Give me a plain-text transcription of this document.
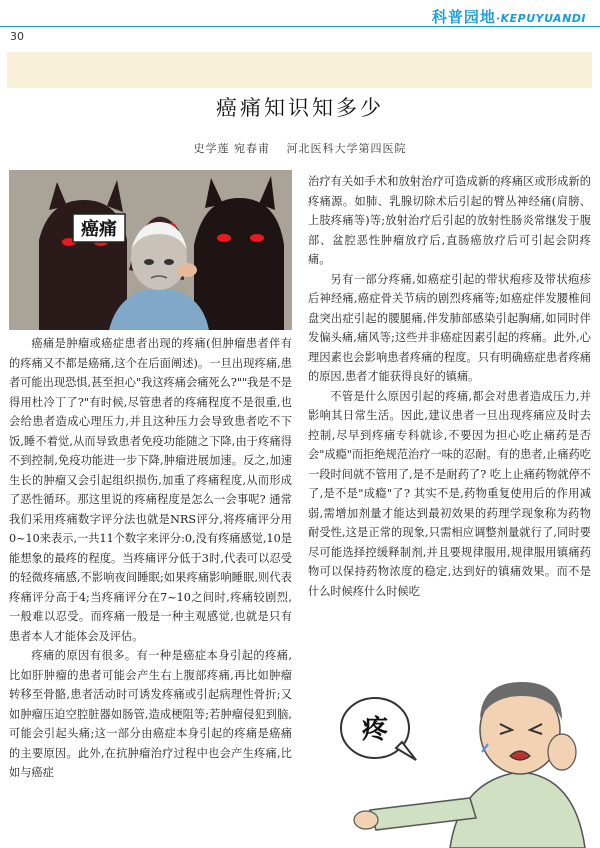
科普园地·KEPUYUANDI
30
癌痛知识知多少
史学莲 宛春甫 河北医科大学第四医院
癌痛

癌痛是肿瘤或癌症患者出现的疼痛(但肿瘤患者伴有的疼痛又不都是癌痛,这个在后面阐述)。一旦出现疼痛,患者可能出现恐惧,甚至担心"我这疼痛会痛死么?""我是不是得用杜冷丁了?"有时候,尽管患者的疼痛程度不是很重,也会给患者造成心理压力,并且这种压力会导致患者吃不下饭,睡不着觉,从而导致患者免疫功能随之下降,由于疼痛得不到控制,免疫功能进一步下降,肿瘤进展加速。反之,加速生长的肿瘤又会引起组织损伤,加重了疼痛程度,从而形成了恶性循环。那这里说的疼痛程度是怎么一会事呢? 通常我们采用疼痛数字评分法也就是NRS评分,将疼痛评分用0~10来表示,一共11个数字来评分:0,没有疼痛感觉,10是能想象的最疼的程度。当疼痛评分低于3时,代表可以忍受的轻微疼痛感,不影响夜间睡眠;如果疼痛影响睡眠,则代表疼痛评分高于4;当疼痛评分在7~10之间时,疼痛较剧烈,一般难以忍受。而疼痛一般是一种主观感觉,也就是只有患者本人才能体会及评估。

疼痛的原因有很多。有一种是癌症本身引起的疼痛,比如肝肿瘤的患者可能会产生右上腹部疼痛,再比如肿瘤转移至骨骼,患者活动时可诱发疼痛或引起病理性骨折;又如肿瘤压迫空腔脏器如肠管,造成梗阻等;若肿瘤侵犯到脑,可能会引起头痛;这一部分由癌症本身引起的疼痛是癌痛的主要原因。此外,在抗肿瘤治疗过程中也会产生疼痛,比如与癌症

治疗有关如手术和放射治疗可造成新的疼痛区或形成新的疼痛源。如肺、乳腺切除术后引起的臂丛神经痛(肩膀、上肢疼痛等)等;放射治疗后引起的放射性肠炎常继发于腹部、盆腔恶性肿瘤放疗后,直肠癌放疗后可引起会阴疼痛。

另有一部分疼痛,如癌症引起的带状疱疹及带状疱疹后神经痛,癌症骨关节病的剧烈疼痛等;如癌症伴发腰椎间盘突出症引起的腰腿痛,伴发肺部感染引起胸痛,如同时伴发偏头痛,痛风等;这些并非癌症因素引起的疼痛。此外,心理因素也会影响患者疼痛的程度。只有明确癌症患者疼痛的原因,患者才能获得良好的镇痛。

不管是什么原因引起的疼痛,都会对患者造成压力,并影响其日常生活。因此,建议患者一旦出现疼痛应及时去控制,尽早到疼痛专科就诊,不要因为担心吃止痛药是否会"成瘾"而拒绝规范治疗一味的忍耐。有的患者,止痛药吃一段时间就不管用了,是不是耐药了? 吃上止痛药物就停不了,是不是"成瘾"了? 其实不是,药物重复使用后的作用减弱,需增加剂量才能达到最初效果的药理学现象称为药物耐受性,这是正常的现象,只需相应调整剂量就行了,同时要尽可能选择控缓释制剂,并且要规律服用,规律服用镇痛药物可以保持药物浓度的稳定,达到好的镇痛效果。而不是什么时候疼什么时候吃

疼
